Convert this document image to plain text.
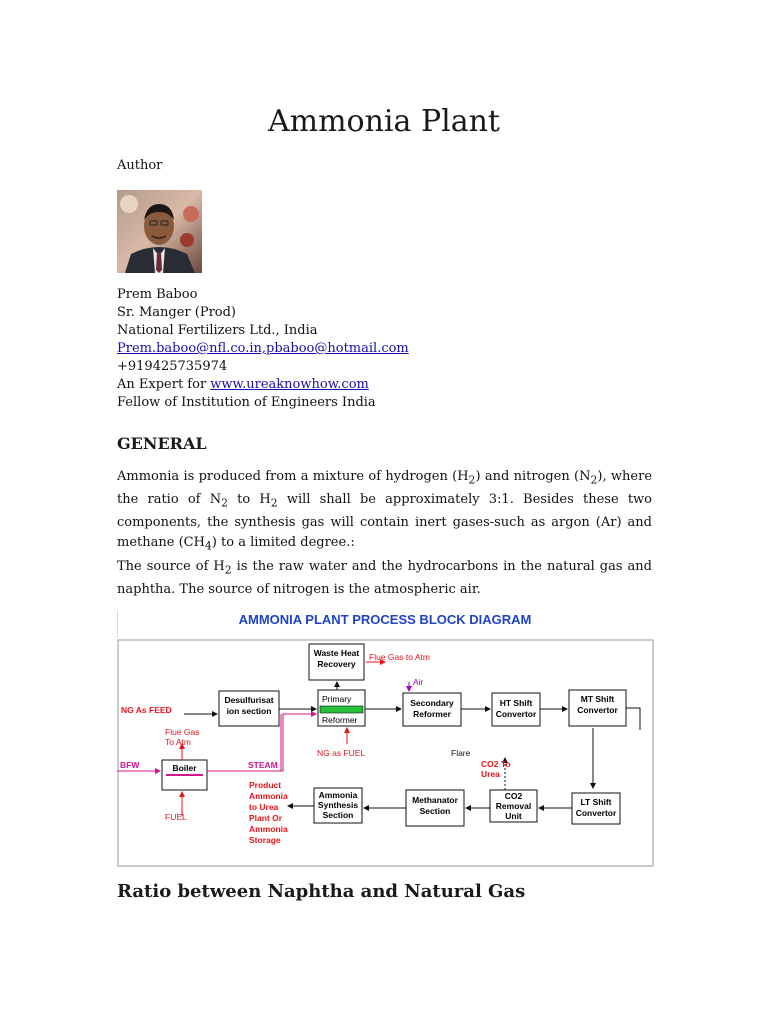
Ammonia Plant
Author
Prem Baboo
Sr. Manger (Prod)
National Fertilizers Ltd., India
Prem.baboo@nfl.co.in,pbaboo@hotmail.com
+919425735974
An Expert for www.ureaknowhow.com
Fellow of Institution of Engineers India
GENERAL
Ammonia is produced from a mixture of hydrogen $(H_2)$ and nitrogen $(N_2)$, where the ratio of $N_2$ to $H_2$ will shall be approximately 3:1. Besides these two components, the synthesis gas will contain inert gases-such as argon (Ar) and methane $(CH_4)$ to a limited degree.:
The source of $H_2$ is the raw water and the hydrocarbons in the natural gas and naphtha. The source of nitrogen is the atmospheric air.
AMMONIA PLANT PROCESS BLOCK DIAGRAM
Waste Heat
Recovery
Desulfurisat
ion section
Primary
Reformer
Secondary
Reformer
HT Shift
Convertor
MT Shift
Convertor
Boiler
Ammonia
Synthesis
Section
Methanator
Section
CO2
Removal
Unit
LT Shift
Convertor
Flue Gas to Atm
NG As FEED
Flue Gas
To Atm
NG as FUEL
FUEL
CO2 To
Urea
Product
Ammonia
to Urea
Plant Or
Ammonia
Storage
Air
BFW	STEAM
Flare
Ratio between Naphtha and Natural Gas
